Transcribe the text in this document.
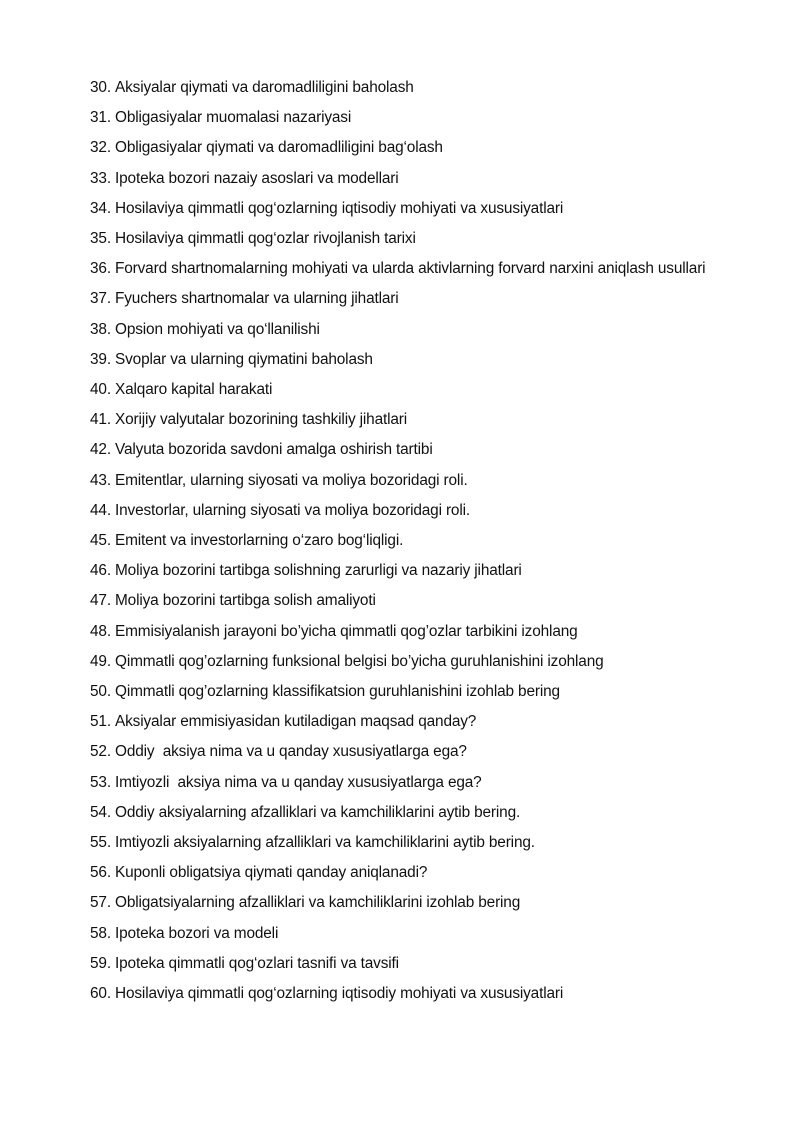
30. Aksiyalar qiymati va daromadliligini baholash
31. Obligasiyalar muomalasi nazariyasi
32. Obligasiyalar qiymati va daromadliligini bag‘olash
33. Ipoteka bozori nazaiy asoslari va modellari
34. Hosilaviya qimmatli qog‘ozlarning iqtisodiy mohiyati va xususiyatlari
35. Hosilaviya qimmatli qog‘ozlar rivojlanish tarixi
36. Forvard shartnomalarning mohiyati va ularda aktivlarning forvard narxini aniqlash usullari
37. Fyuchers shartnomalar va ularning jihatlari
38. Opsion mohiyati va qo‘llanilishi
39. Svoplar va ularning qiymatini baholash
40. Xalqaro kapital harakati
41. Xorijiy valyutalar bozorining tashkiliy jihatlari
42. Valyuta bozorida savdoni amalga oshirish tartibi
43. Emitentlar, ularning siyosati va moliya bozoridagi roli.
44. Investorlar, ularning siyosati va moliya bozoridagi roli.
45. Emitent va investorlarning o‘zaro bog‘liqligi.
46. Moliya bozorini tartibga solishning zarurligi va nazariy jihatlari
47. Moliya bozorini tartibga solish amaliyoti
48. Emmisiyalanish jarayoni bo’yicha qimmatli qog’ozlar tarbikini izohlang
49. Qimmatli qog’ozlarning funksional belgisi bo’yicha guruhlanishini izohlang
50. Qimmatli qog’ozlarning klassifikatsion guruhlanishini izohlab bering
51. Aksiyalar emmisiyasidan kutiladigan maqsad qanday?
52. Oddiy  aksiya nima va u qanday xususiyatlarga ega?
53. Imtiyozli  aksiya nima va u qanday xususiyatlarga ega?
54. Oddiy aksiyalarning afzalliklari va kamchiliklarini aytib bering.
55. Imtiyozli aksiyalarning afzalliklari va kamchiliklarini aytib bering.
56. Kuponli obligatsiya qiymati qanday aniqlanadi?
57. Obligatsiyalarning afzalliklari va kamchiliklarini izohlab bering
58. Ipoteka bozori va modeli
59. Ipoteka qimmatli qog‘ozlari tasnifi va tavsifi
60. Hosilaviya qimmatli qog‘ozlarning iqtisodiy mohiyati va xususiyatlari
